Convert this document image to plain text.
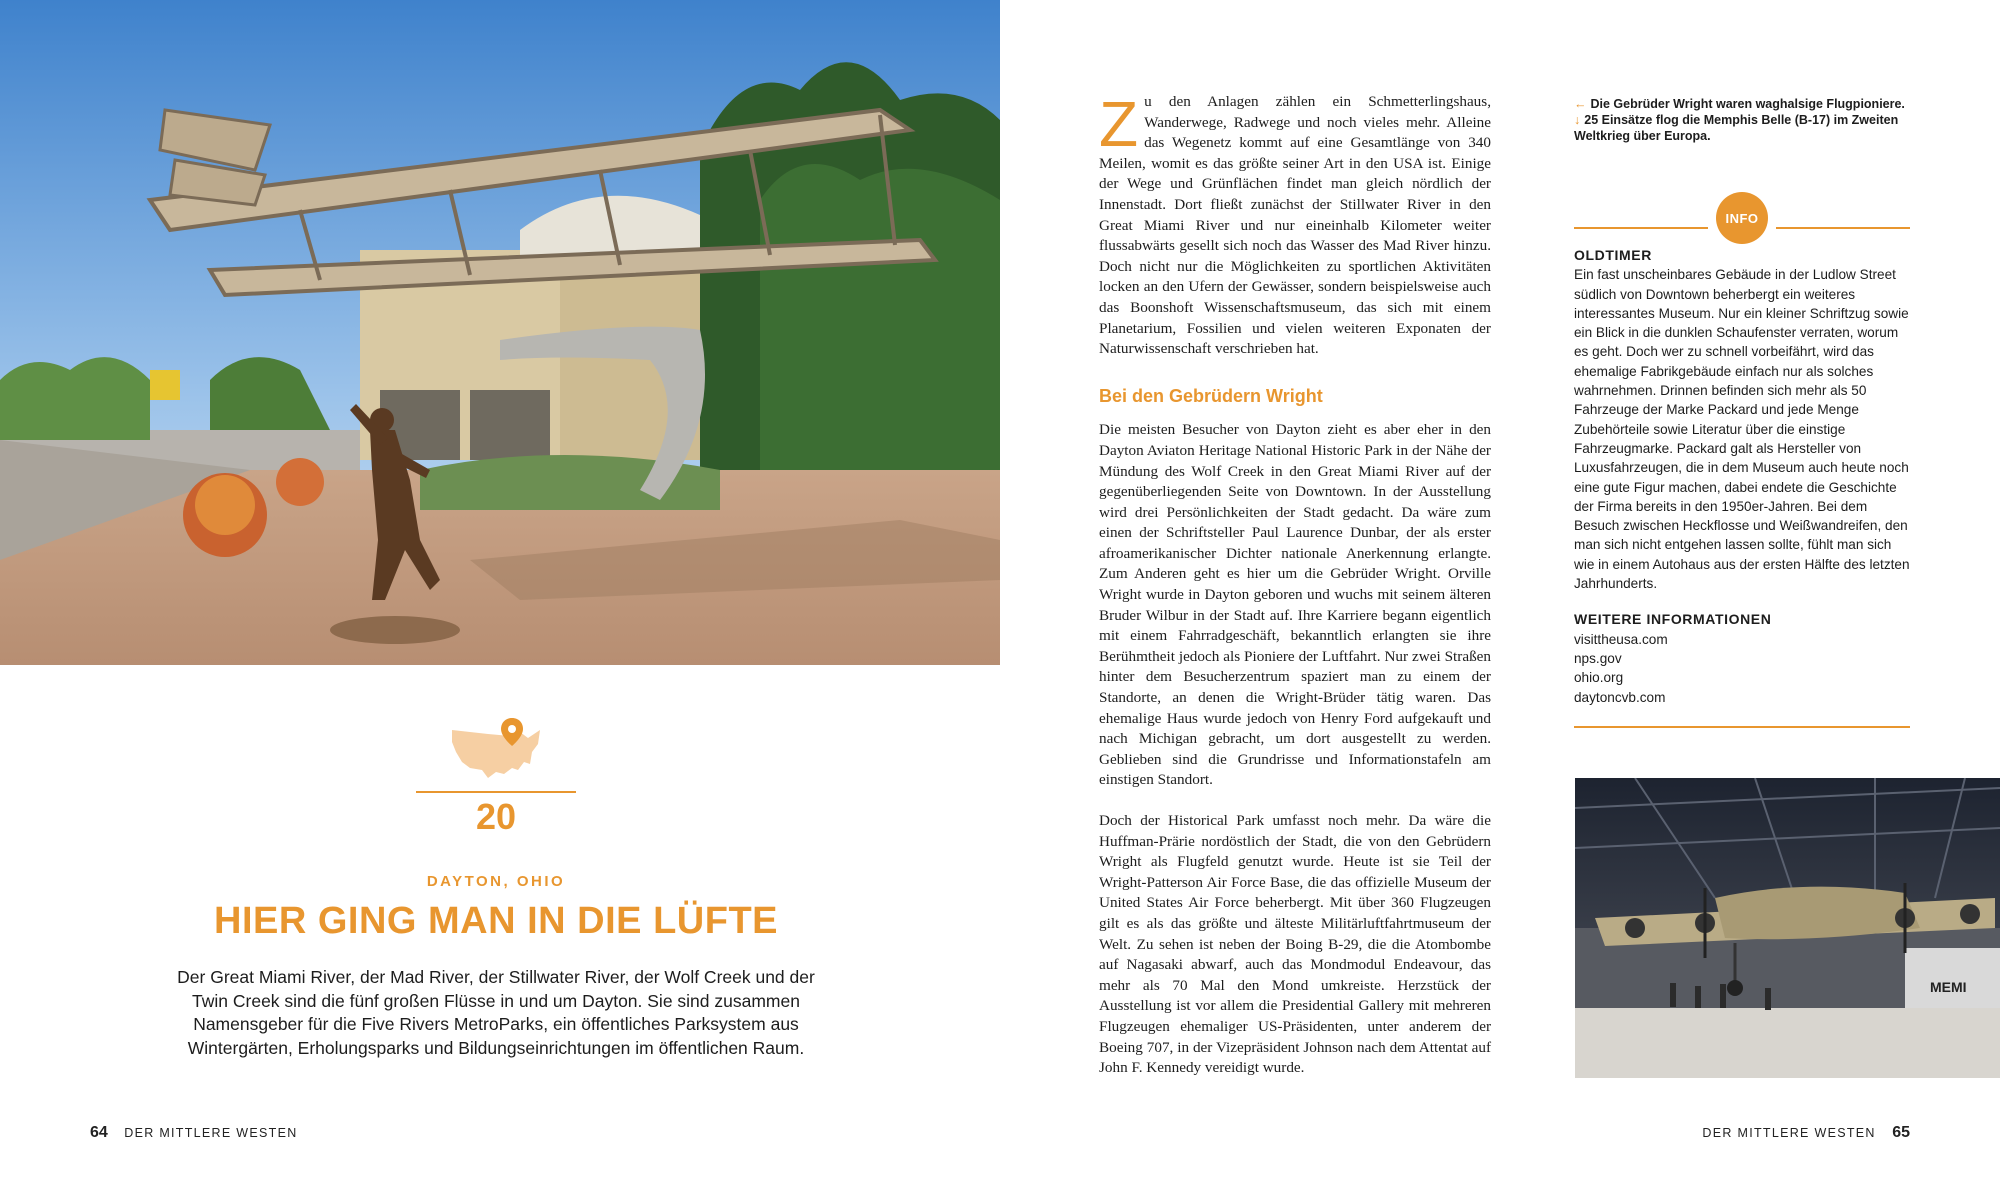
20
DAYTON, OHIO
HIER GING MAN IN DIE LÜFTE
Der Great Miami River, der Mad River, der Stillwater River, der Wolf Creek und der Twin Creek sind die fünf großen Flüsse in und um Dayton. Sie sind zusammen Namensgeber für die Five Rivers MetroParks, ein öffentliches Parksystem aus Wintergärten, Erholungsparks und Bildungseinrichtungen im öffentlichen Raum.
64 DER MITTLERE WESTEN

Z u den Anlagen zählen ein Schmetterlingshaus, Wanderwege, Radwege und noch vieles mehr. Alleine das Wegenetz kommt auf eine Gesamtlänge von 340 Meilen, womit es das größte seiner Art in den USA ist. Einige der Wege und Grünflächen findet man gleich nördlich der Innenstadt. Dort fließt zunächst der Stillwater River in den Great Miami River und nur eineinhalb Kilometer weiter flussabwärts gesellt sich noch das Wasser des Mad River hinzu. Doch nicht nur die Möglichkeiten zu sportlichen Aktivitäten locken an den Ufern der Gewässer, sondern beispielsweise auch das Boonshoft Wissenschaftsmuseum, das sich mit einem Planetarium, Fossilien und vielen weiteren Exponaten der Naturwissenschaft verschrieben hat.

Bei den Gebrüdern Wright

Die meisten Besucher von Dayton zieht es aber eher in den Dayton Aviaton Heritage National Historic Park in der Nähe der Mündung des Wolf Creek in den Great Miami River auf der gegenüberliegenden Seite von Downtown. In der Ausstellung wird drei Persönlichkeiten der Stadt gedacht. Da wäre zum einen der Schriftsteller Paul Laurence Dunbar, der als erster afroamerikanischer Dichter nationale Anerkennung erlangte. Zum Anderen geht es hier um die Gebrüder Wright. Orville Wright wurde in Dayton geboren und wuchs mit seinem älteren Bruder Wilbur in der Stadt auf. Ihre Karriere begann eigentlich mit einem Fahrradgeschäft, bekanntlich erlangten sie ihre Berühmtheit jedoch als Pioniere der Luftfahrt. Nur zwei Straßen hinter dem Besucherzentrum spaziert man zu einem der Standorte, an denen die Wright-Brüder tätig waren. Das ehemalige Haus wurde jedoch von Henry Ford aufgekauft und nach Michigan gebracht, um dort ausgestellt zu werden. Geblieben sind die Grundrisse und Informationstafeln am einstigen Standort.

Doch der Historical Park umfasst noch mehr. Da wäre die Huffman-Prärie nordöstlich der Stadt, die von den Gebrüdern Wright als Flugfeld genutzt wurde. Heute ist sie Teil der Wright-Patterson Air Force Base, die das offizielle Museum der United States Air Force beherbergt. Mit über 360 Flugzeugen gilt es als das größte und älteste Militärluftfahrtmuseum der Welt. Zu sehen ist neben der Boing B-29, die die Atombombe auf Nagasaki abwarf, auch das Mondmodul Endeavour, das mehr als 70 Mal den Mond umkreiste. Herzstück der Ausstellung ist vor allem die Presidential Gallery mit mehreren Flugzeugen ehemaliger US-Präsidenten, unter anderem der Boeing 707, in der Vizepräsident Johnson nach dem Attentat auf John F. Kennedy vereidigt wurde.

← Die Gebrüder Wright waren waghalsige Flugpioniere.
↓ 25 Einsätze flog die Memphis Belle (B-17) im Zweiten Weltkrieg über Europa.
INFO
OLDTIMER

Ein fast unscheinbares Gebäude in der Ludlow Street südlich von Downtown beherbergt ein weiteres interessantes Museum. Nur ein kleiner Schriftzug sowie ein Blick in die dunklen Schaufenster verraten, worum es geht. Doch wer zu schnell vorbeifährt, wird das ehemalige Fabrikgebäude einfach nur als solches wahrnehmen. Drinnen befinden sich mehr als 50 Fahrzeuge der Marke Packard und jede Menge Zubehörteile sowie Literatur über die einstige Fahrzeugmarke. Packard galt als Hersteller von Luxusfahrzeugen, die in dem Museum auch heute noch eine gute Figur machen, dabei endete die Geschichte der Firma bereits in den 1950er-Jahren. Bei dem Besuch zwischen Heckflosse und Weißwandreifen, den man sich nicht entgehen lassen sollte, fühlt man sich wie in einem Autohaus aus der ersten Hälfte des letzten Jahrhunderts.

WEITERE INFORMATIONEN
visittheusa.com
nps.gov
ohio.org
daytoncvb.com
MEMI
DER MITTLERE WESTEN 65
